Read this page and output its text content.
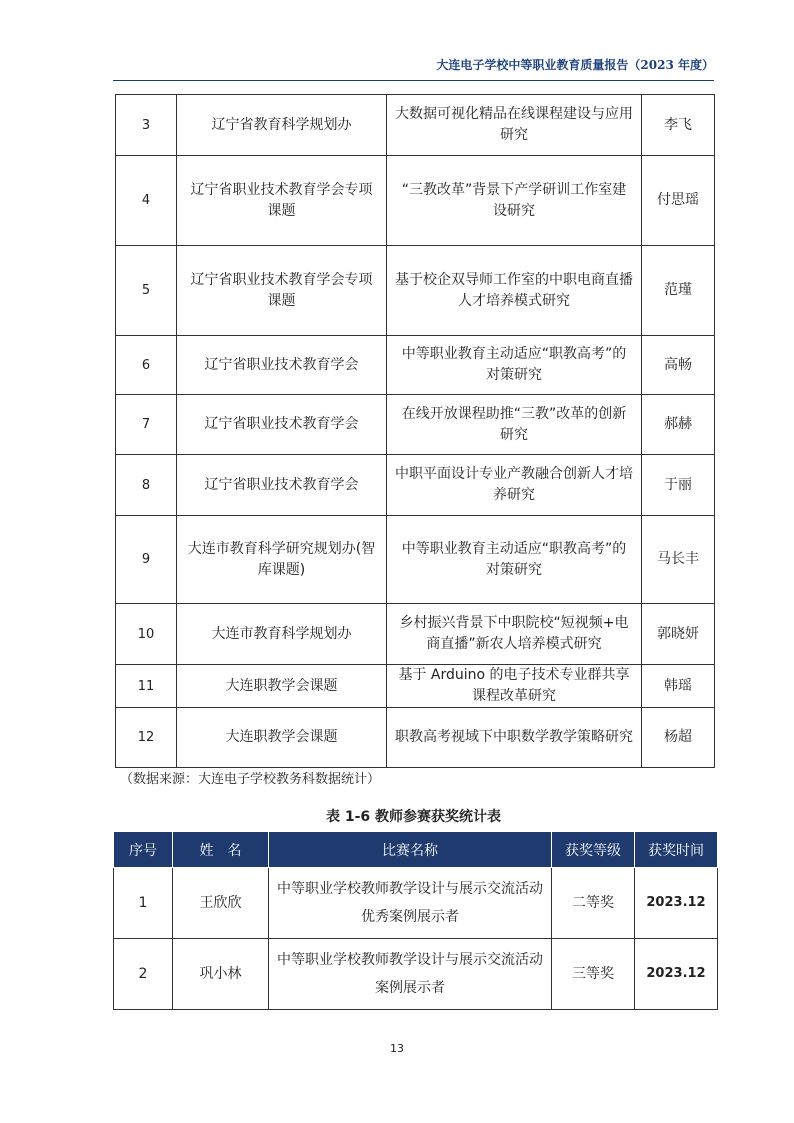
大连电子学校中等职业教育质量报告（2023 年度）
3	辽宁省教育科学规划办	大数据可视化精品在线课程建设与应用研究	李飞
4	辽宁省职业技术教育学会专项课题	“三教改革”背景下产学研训工作室建设研究	付思瑶
5	辽宁省职业技术教育学会专项课题	基于校企双导师工作室的中职电商直播人才培养模式研究	范瑾
6	辽宁省职业技术教育学会	中等职业教育主动适应“职教高考”的对策研究	高畅
7	辽宁省职业技术教育学会	在线开放课程助推“三教”改革的创新研究	郝赫
8	辽宁省职业技术教育学会	中职平面设计专业产教融合创新人才培养研究	于丽
9	大连市教育科学研究规划办(智库课题)	中等职业教育主动适应“职教高考”的对策研究	马长丰
10	大连市教育科学规划办	乡村振兴背景下中职院校“短视频+电商直播”新农人培养模式研究	郭晓妍
11	大连职教学会课题	基于 Arduino 的电子技术专业群共享课程改革研究	韩瑶
12	大连职教学会课题	职教高考视域下中职数学教学策略研究	杨超
（数据来源：大连电子学校教务科数据统计）
表 1-6 教师参赛获奖统计表
序号	姓　名	比赛名称	获奖等级	获奖时间
1	王欣欣	中等职业学校教师教学设计与展示交流活动优秀案例展示者	二等奖	2023.12
2	巩小林	中等职业学校教师教学设计与展示交流活动案例展示者	三等奖	2023.12
13
